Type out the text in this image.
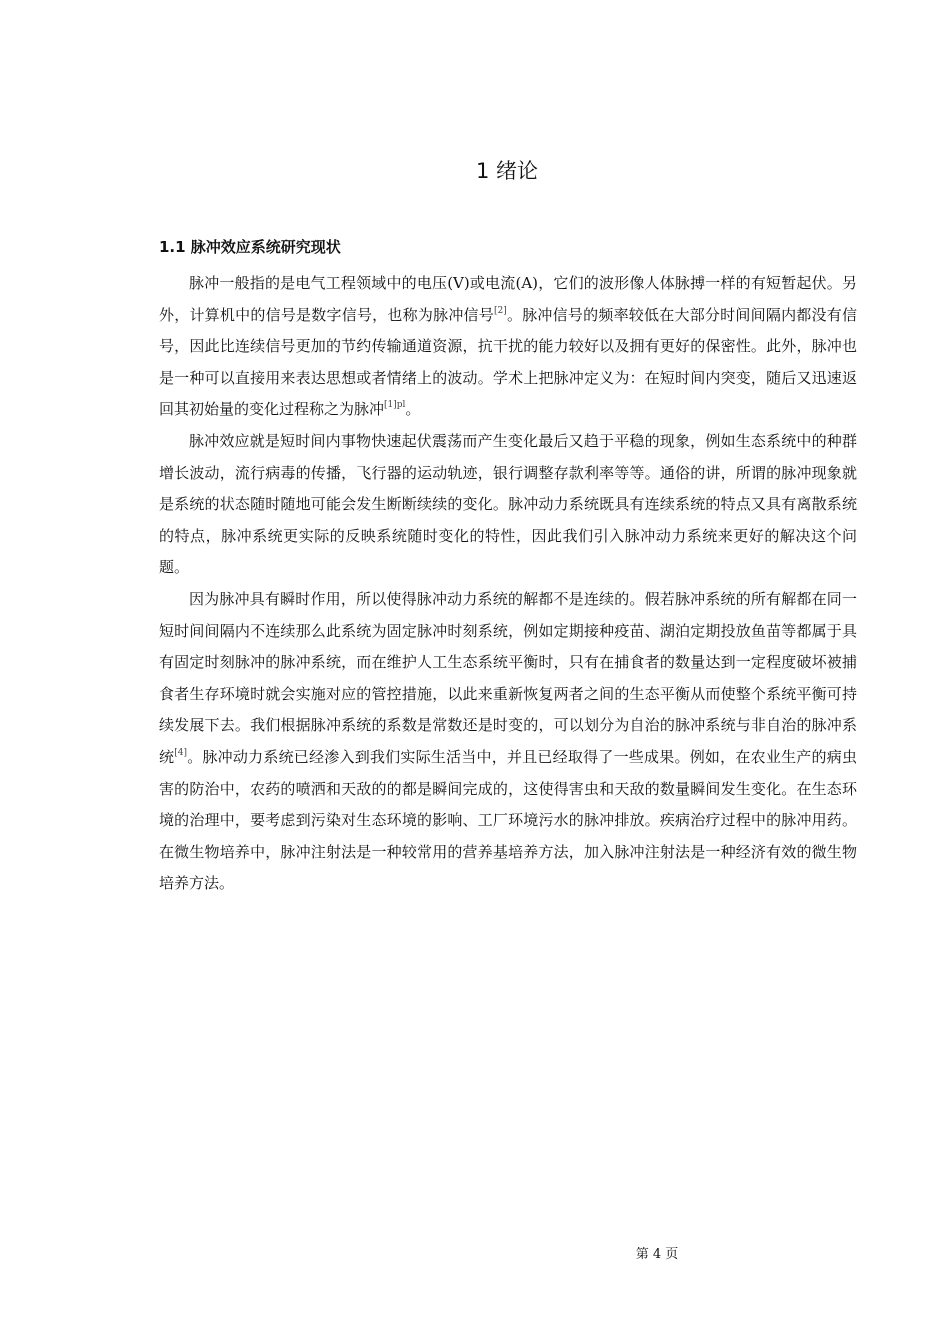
1 绪论
1.1 脉冲效应系统研究现状

脉冲一般指的是电气工程领域中的电压(V)或电流(A)，它们的波形像人体脉搏一样的有短暂起伏。另外，计算机中的信号是数字信号，也称为脉冲信号[2]。脉冲信号的频率较低在大部分时间间隔内都没有信号，因此比连续信号更加的节约传输通道资源，抗干扰的能力较好以及拥有更好的保密性。此外，脉冲也是一种可以直接用来表达思想或者情绪上的波动。学术上把脉冲定义为：在短时间内突变，随后又迅速返回其初始量的变化过程称之为脉冲$^{[1]pl}$。

脉冲效应就是短时间内事物快速起伏震荡而产生变化最后又趋于平稳的现象，例如生态系统中的种群增长波动，流行病毒的传播，飞行器的运动轨迹，银行调整存款利率等等。通俗的讲，所谓的脉冲现象就是系统的状态随时随地可能会发生断断续续的变化。脉冲动力系统既具有连续系统的特点又具有离散系统的特点，脉冲系统更实际的反映系统随时变化的特性，因此我们引入脉冲动力系统来更好的解决这个问题。

因为脉冲具有瞬时作用，所以使得脉冲动力系统的解都不是连续的。假若脉冲系统的所有解都在同一短时间间隔内不连续那么此系统为固定脉冲时刻系统，例如定期接种疫苗、湖泊定期投放鱼苗等都属于具有固定时刻脉冲的脉冲系统，而在维护人工生态系统平衡时，只有在捕食者的数量达到一定程度破坏被捕食者生存环境时就会实施对应的管控措施，以此来重新恢复两者之间的生态平衡从而使整个系统平衡可持续发展下去。我们根据脉冲系统的系数是常数还是时变的，可以划分为自治的脉冲系统与非自治的脉冲系统[4]。脉冲动力系统已经渗入到我们实际生活当中，并且已经取得了一些成果。例如，在农业生产的病虫害的防治中，农药的喷洒和天敌的的都是瞬间完成的，这使得害虫和天敌的数量瞬间发生变化。在生态环境的治理中，要考虑到污染对生态环境的影响、工厂环境污水的脉冲排放。疾病治疗过程中的脉冲用药。在微生物培养中，脉冲注射法是一种较常用的营养基培养方法，加入脉冲注射法是一种经济有效的微生物培养方法。

第 4 页
